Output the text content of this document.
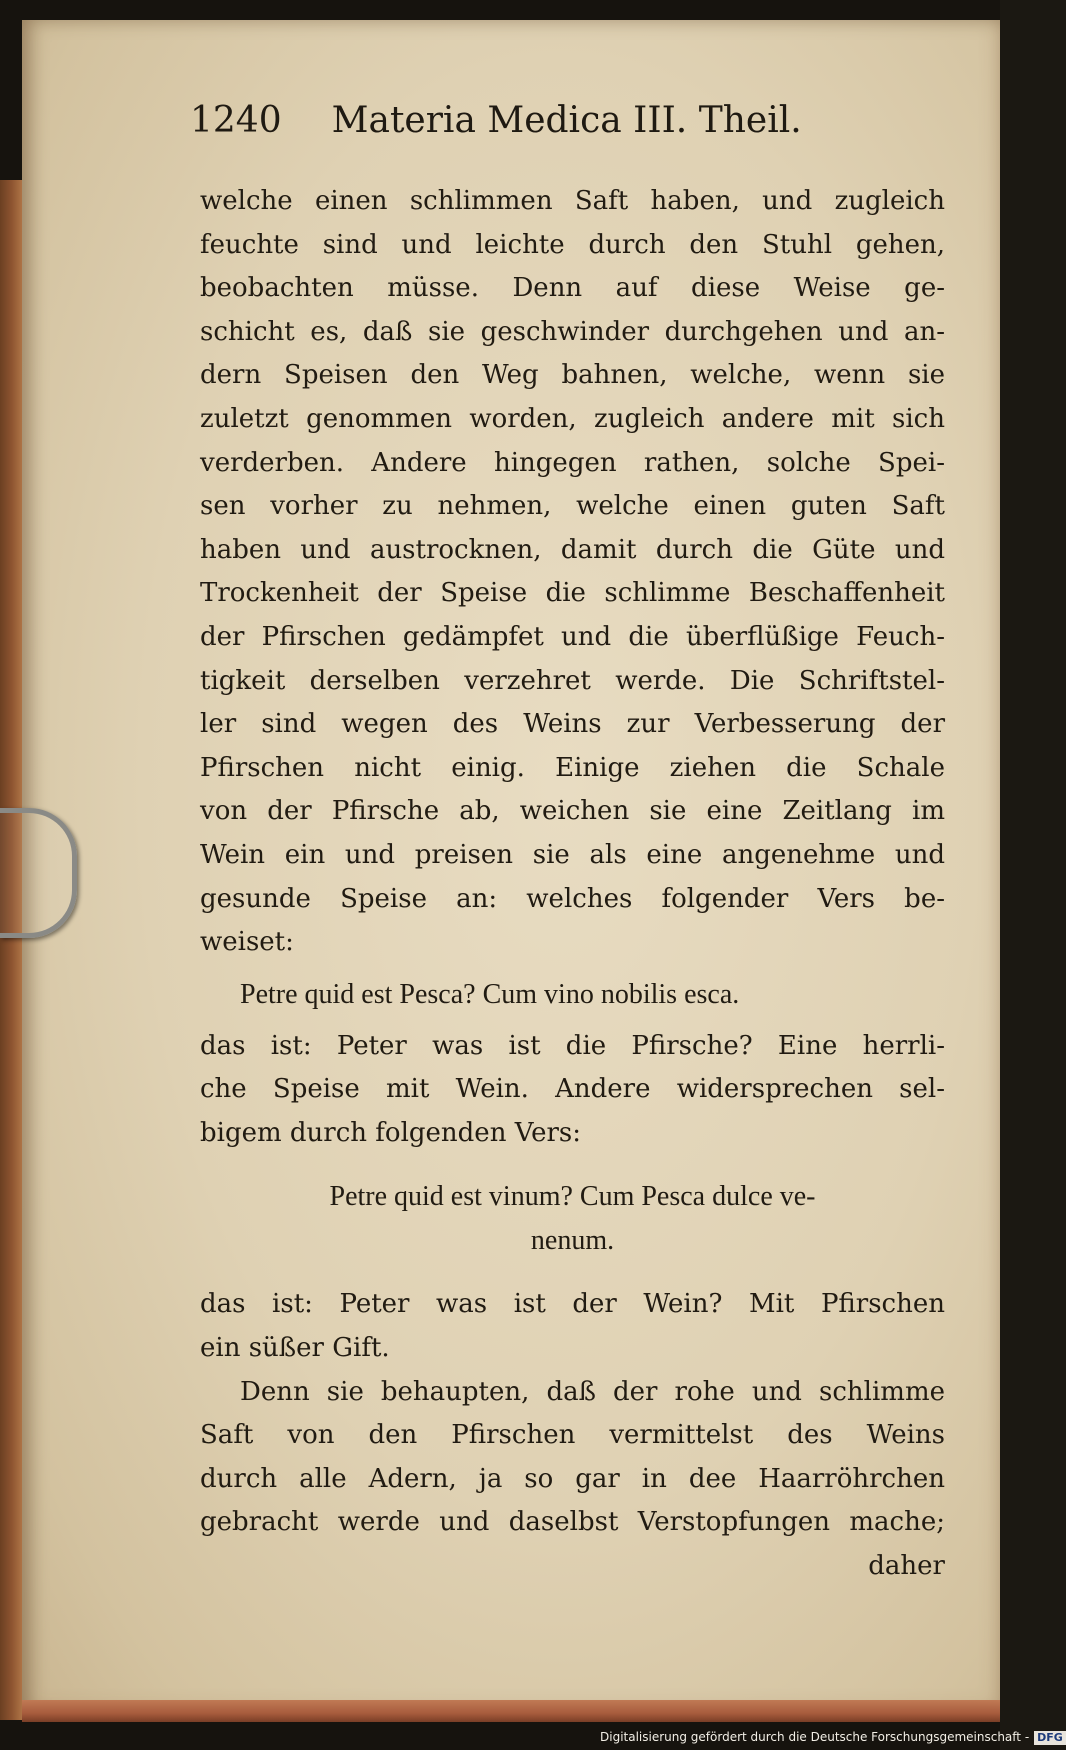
1240 Materia Medica III. Theil.
welche einen schlimmen Saft haben, und zugleich
feuchte sind und leichte durch den Stuhl gehen,
beobachten müsse. Denn auf diese Weise ge-
schicht es, daß sie geschwinder durchgehen und an-
dern Speisen den Weg bahnen, welche, wenn sie
zuletzt genommen worden, zugleich andere mit sich
verderben. Andere hingegen rathen, solche Spei-
sen vorher zu nehmen, welche einen guten Saft
haben und austrocknen, damit durch die Güte und
Trockenheit der Speise die schlimme Beschaffenheit
der Pfirschen gedämpfet und die überflüßige Feuch-
tigkeit derselben verzehret werde. Die Schriftstel-
ler sind wegen des Weins zur Verbesserung der
Pfirschen nicht einig. Einige ziehen die Schale
von der Pfirsche ab, weichen sie eine Zeitlang im
Wein ein und preisen sie als eine angenehme und
gesunde Speise an: welches folgender Vers be-
weiset:
Petre quid est Pesca? Cum vino nobilis esca.
das ist: Peter was ist die Pfirsche? Eine herrli-
che Speise mit Wein. Andere widersprechen sel-
bigem durch folgenden Vers:
Petre quid est vinum? Cum Pesca dulce ve-
nenum.
das ist: Peter was ist der Wein? Mit Pfirschen
ein süßer Gift.
Denn sie behaupten, daß der rohe und schlimme
Saft von den Pfirschen vermittelst des Weins
durch alle Adern, ja so gar in dee Haarröhrchen
gebracht werde und daselbst Verstopfungen mache;
daher
Digitalisierung gefördert durch die Deutsche Forschungsgemeinschaft - DFG
